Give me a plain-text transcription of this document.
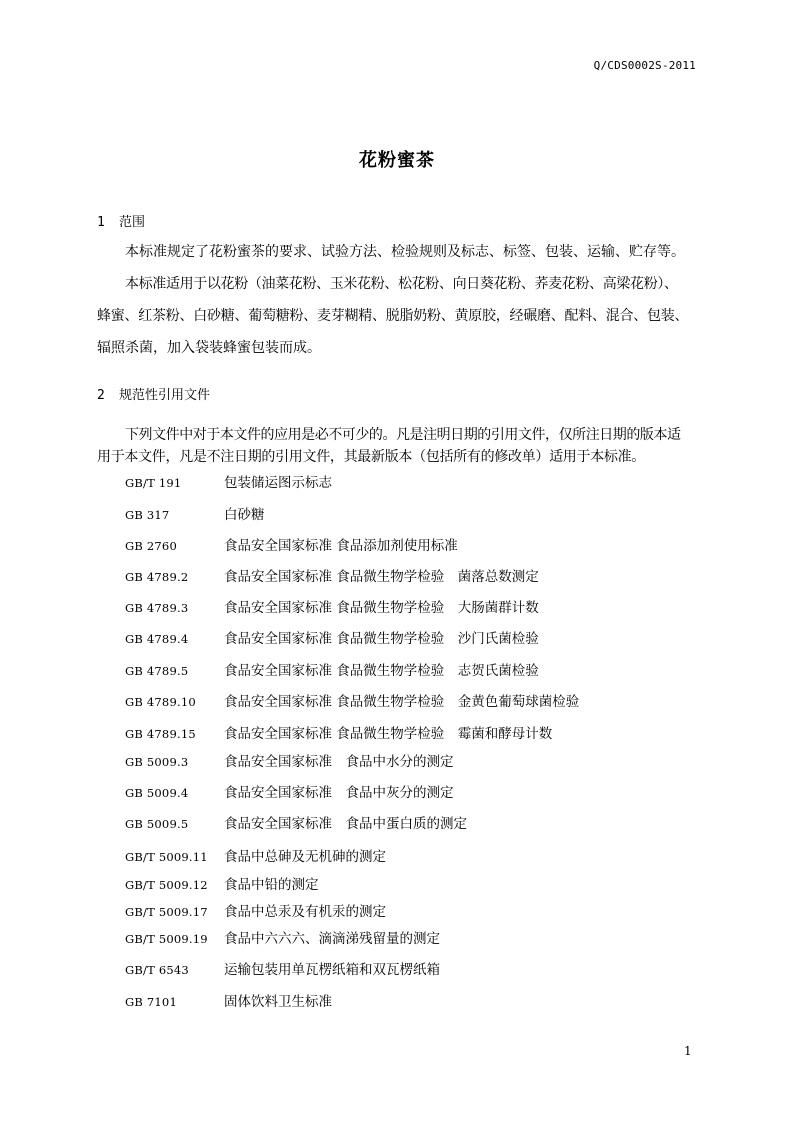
Q/CDS0002S-2011
花粉蜜茶
1 范围
本标准规定了花粉蜜茶的要求、试验方法、检验规则及标志、标签、包装、运输、贮存等。
本标准适用于以花粉（油菜花粉、玉米花粉、松花粉、向日葵花粉、荞麦花粉、高梁花粉）、
蜂蜜、红茶粉、白砂糖、葡萄糖粉、麦芽糊精、脱脂奶粉、黄原胶，经碾磨、配料、混合、包装、
辐照杀菌，加入袋装蜂蜜包装而成。
2 规范性引用文件
下列文件中对于本文件的应用是必不可少的。凡是注明日期的引用文件，仅所注日期的版本适
用于本文件，凡是不注日期的引用文件，其最新版本（包括所有的修改单）适用于本标准。
GB/T 191	包装储运图示标志
GB 317	白砂糖
GB 2760	食品安全国家标准 食品添加剂使用标准
GB 4789.2	食品安全国家标准 食品微生物学检验　菌落总数测定
GB 4789.3	食品安全国家标准 食品微生物学检验　大肠菌群计数
GB 4789.4	食品安全国家标准 食品微生物学检验　沙门氏菌检验
GB 4789.5	食品安全国家标准 食品微生物学检验　志贺氏菌检验
GB 4789.10 食品安全国家标准 食品微生物学检验　金黄色葡萄球菌检验
GB 4789.15 食品安全国家标准 食品微生物学检验　霉菌和酵母计数
GB 5009.3	食品安全国家标准　食品中水分的测定
GB 5009.4	食品安全国家标准　食品中灰分的测定
GB 5009.5	食品安全国家标准　食品中蛋白质的测定
GB/T 5009.11 食品中总砷及无机砷的测定
GB/T 5009.12 食品中铅的测定
GB/T 5009.17 食品中总汞及有机汞的测定
GB/T 5009.19 食品中六六六、滴滴涕残留量的测定
GB/T 6543	运输包装用单瓦楞纸箱和双瓦楞纸箱
GB 7101	固体饮料卫生标准
1
